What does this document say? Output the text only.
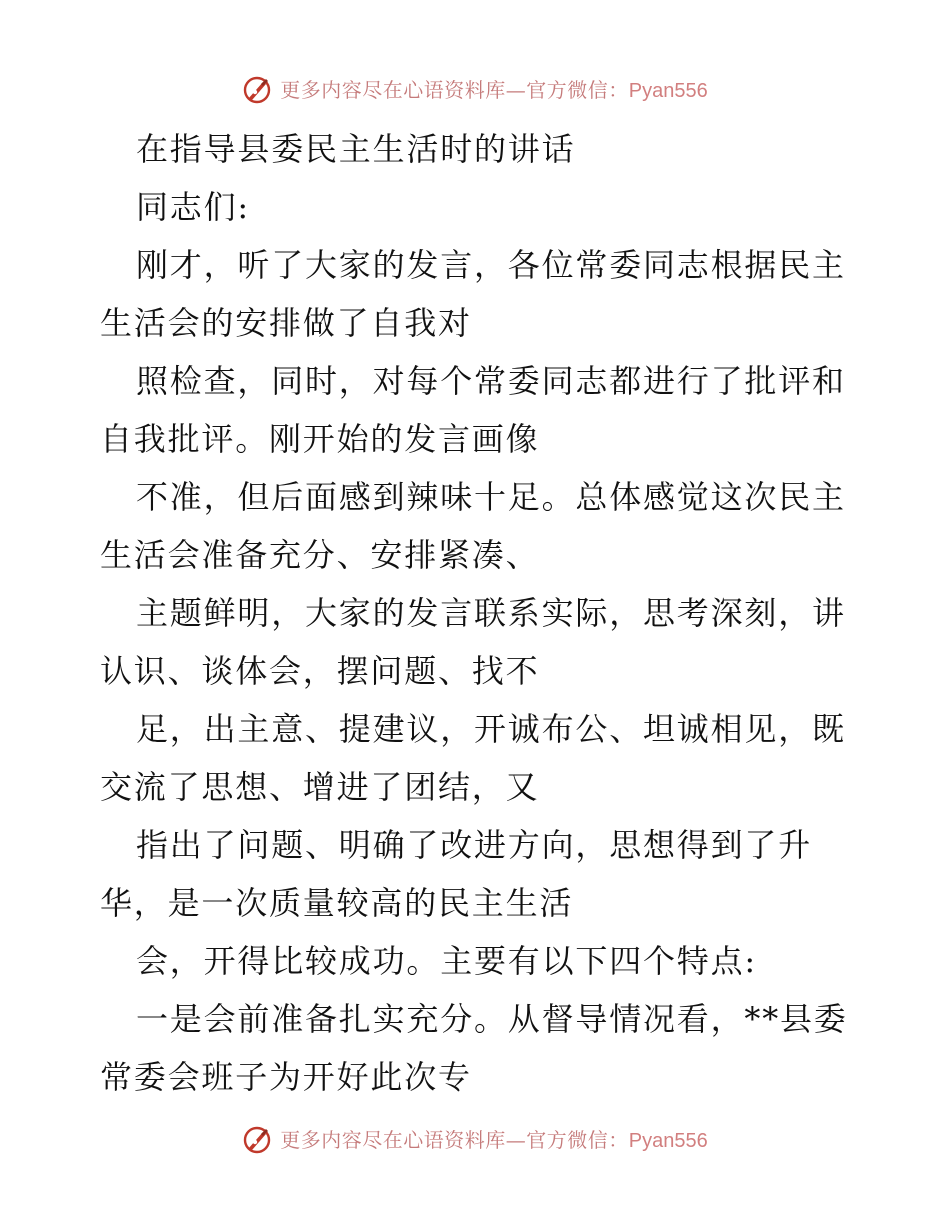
更多内容尽在心语资料库—官方微信：Pyan556
在指导县委民主生活时的讲话
同志们:
刚才，听了大家的发言，各位常委同志根据民主
生活会的安排做了自我对
照检查，同时，对每个常委同志都进行了批评和
自我批评。刚开始的发言画像
不准，但后面感到辣味十足。总体感觉这次民主
生活会准备充分、安排紧凑、
主题鲜明，大家的发言联系实际，思考深刻，讲
认识、谈体会，摆问题、找不
足，出主意、提建议，开诚布公、坦诚相见，既
交流了思想、增进了团结，又
指出了问题、明确了改进方向，思想得到了升
华，是一次质量较高的民主生活
会，开得比较成功。主要有以下四个特点:
一是会前准备扎实充分。从督导情况看，**县委
常委会班子为开好此次专
更多内容尽在心语资料库—官方微信：Pyan556
